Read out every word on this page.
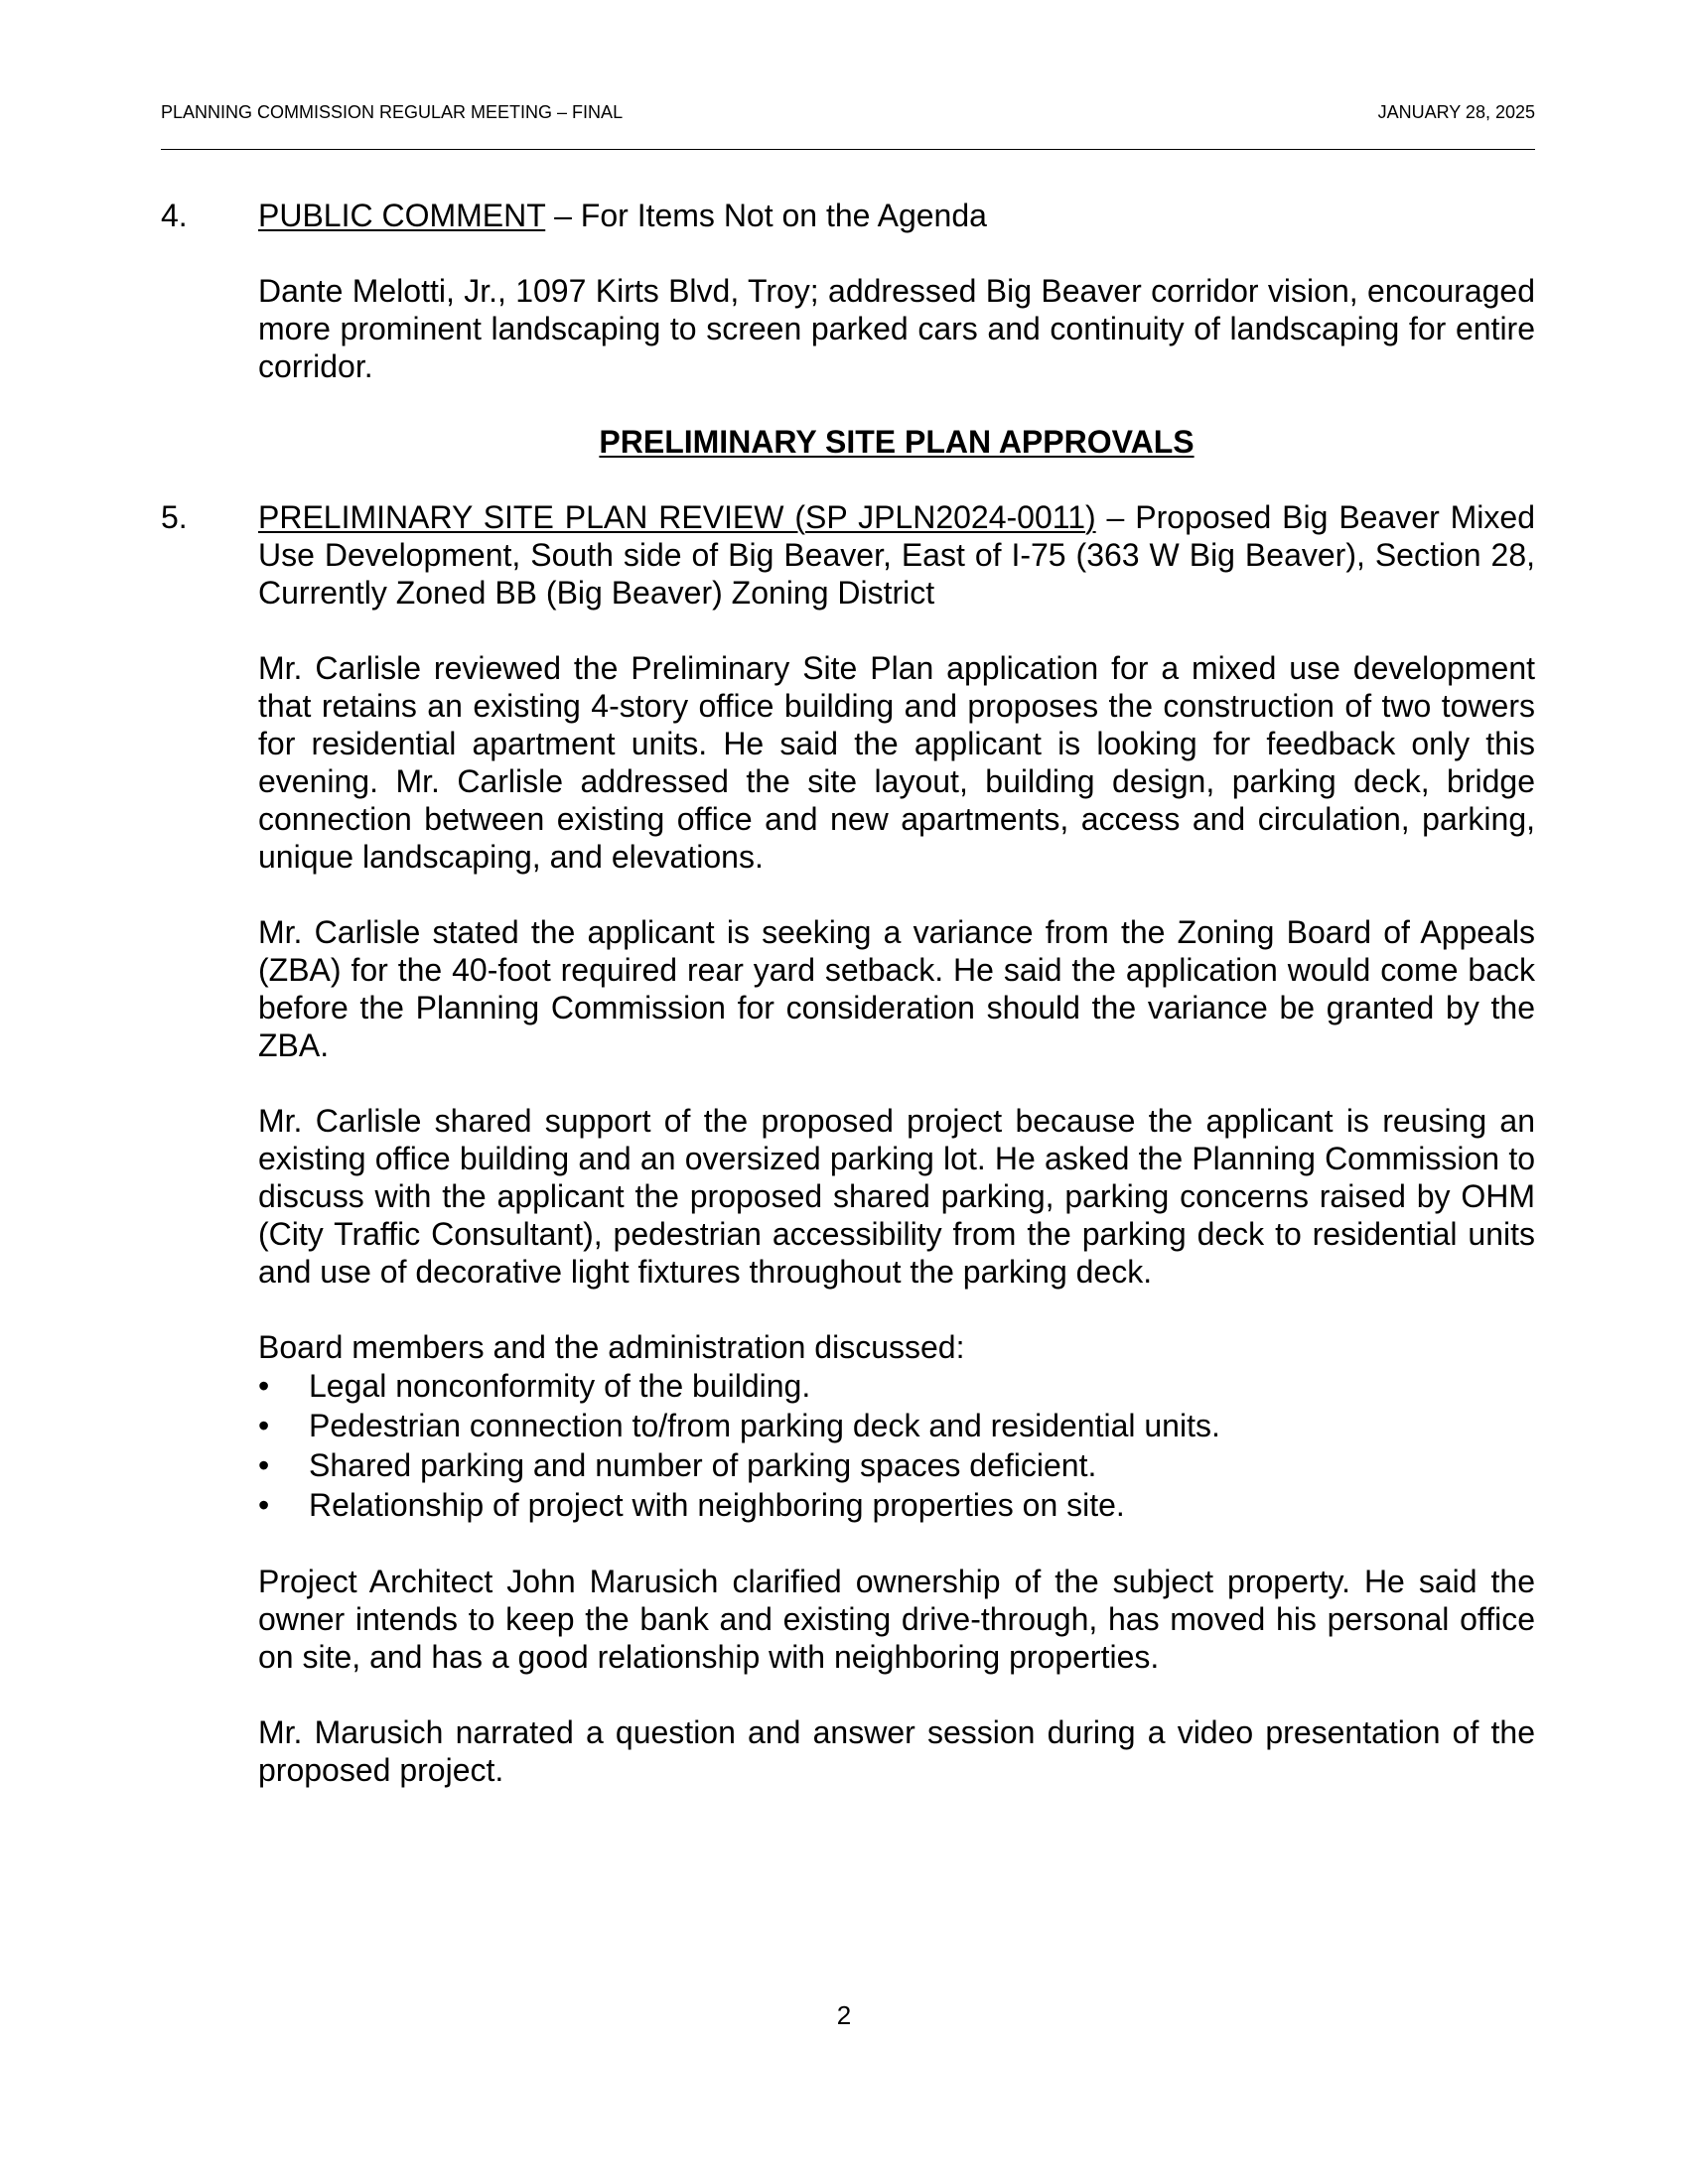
PLANNING COMMISSION REGULAR MEETING – FINAL	JANUARY 28, 2025
4. PUBLIC COMMENT – For Items Not on the Agenda
Dante Melotti, Jr., 1097 Kirts Blvd, Troy; addressed Big Beaver corridor vision, encouraged more prominent landscaping to screen parked cars and continuity of landscaping for entire corridor.
PRELIMINARY SITE PLAN APPROVALS
5. PRELIMINARY SITE PLAN REVIEW (SP JPLN2024-0011) – Proposed Big Beaver Mixed Use Development, South side of Big Beaver, East of I-75 (363 W Big Beaver), Section 28, Currently Zoned BB (Big Beaver) Zoning District
Mr. Carlisle reviewed the Preliminary Site Plan application for a mixed use development that retains an existing 4-story office building and proposes the construction of two towers for residential apartment units. He said the applicant is looking for feedback only this evening. Mr. Carlisle addressed the site layout, building design, parking deck, bridge connection between existing office and new apartments, access and circulation, parking, unique landscaping, and elevations.
Mr. Carlisle stated the applicant is seeking a variance from the Zoning Board of Appeals (ZBA) for the 40-foot required rear yard setback. He said the application would come back before the Planning Commission for consideration should the variance be granted by the ZBA.
Mr. Carlisle shared support of the proposed project because the applicant is reusing an existing office building and an oversized parking lot. He asked the Planning Commission to discuss with the applicant the proposed shared parking, parking concerns raised by OHM (City Traffic Consultant), pedestrian accessibility from the parking deck to residential units and use of decorative light fixtures throughout the parking deck.
Board members and the administration discussed:
• Legal nonconformity of the building.
• Pedestrian connection to/from parking deck and residential units.
• Shared parking and number of parking spaces deficient.
• Relationship of project with neighboring properties on site.
Project Architect John Marusich clarified ownership of the subject property. He said the owner intends to keep the bank and existing drive-through, has moved his personal office on site, and has a good relationship with neighboring properties.
Mr. Marusich narrated a question and answer session during a video presentation of the proposed project.
2
